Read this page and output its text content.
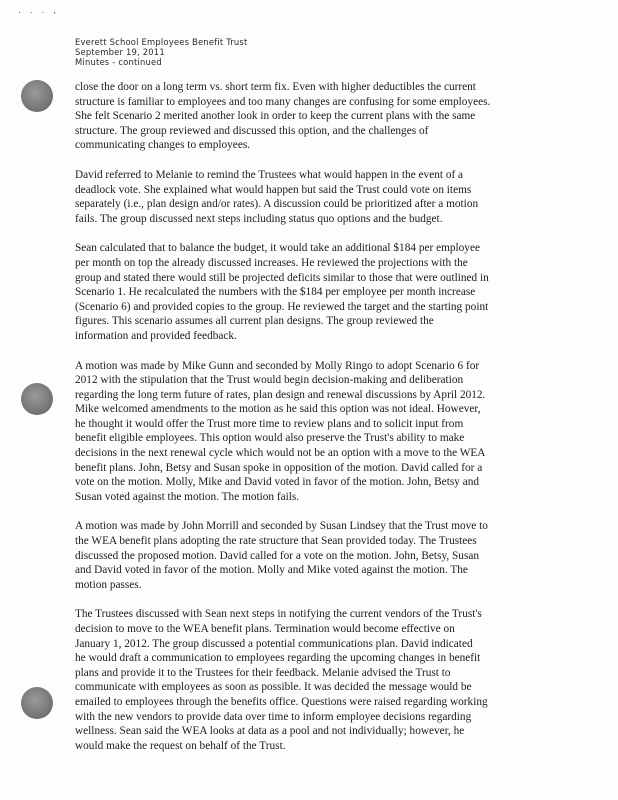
. . . ,
Everett School Employees Benefit Trust
September 19, 2011
Minutes - continued
close the door on a long term vs. short term fix. Even with higher deductibles the current
structure is familiar to employees and too many changes are confusing for some employees.
She felt Scenario 2 merited another look in order to keep the current plans with the same
structure. The group reviewed and discussed this option, and the challenges of
communicating changes to employees.
David referred to Melanie to remind the Trustees what would happen in the event of a
deadlock vote. She explained what would happen but said the Trust could vote on items
separately (i.e., plan design and/or rates). A discussion could be prioritized after a motion
fails. The group discussed next steps including status quo options and the budget.
Sean calculated that to balance the budget, it would take an additional $184 per employee
per month on top the already discussed increases. He reviewed the projections with the
group and stated there would still be projected deficits similar to those that were outlined in
Scenario 1. He recalculated the numbers with the $184 per employee per month increase
(Scenario 6) and provided copies to the group. He reviewed the target and the starting point
figures. This scenario assumes all current plan designs. The group reviewed the
information and provided feedback.
A motion was made by Mike Gunn and seconded by Molly Ringo to adopt Scenario 6 for
2012 with the stipulation that the Trust would begin decision-making and deliberation
regarding the long term future of rates, plan design and renewal discussions by April 2012.
Mike welcomed amendments to the motion as he said this option was not ideal. However,
he thought it would offer the Trust more time to review plans and to solicit input from
benefit eligible employees. This option would also preserve the Trust's ability to make
decisions in the next renewal cycle which would not be an option with a move to the WEA
benefit plans. John, Betsy and Susan spoke in opposition of the motion. David called for a
vote on the motion. Molly, Mike and David voted in favor of the motion. John, Betsy and
Susan voted against the motion. The motion fails.
A motion was made by John Morrill and seconded by Susan Lindsey that the Trust move to
the WEA benefit plans adopting the rate structure that Sean provided today. The Trustees
discussed the proposed motion. David called for a vote on the motion. John, Betsy, Susan
and David voted in favor of the motion. Molly and Mike voted against the motion. The
motion passes.
The Trustees discussed with Sean next steps in notifying the current vendors of the Trust's
decision to move to the WEA benefit plans. Termination would become effective on
January 1, 2012. The group discussed a potential communications plan. David indicated
he would draft a communication to employees regarding the upcoming changes in benefit
plans and provide it to the Trustees for their feedback. Melanie advised the Trust to
communicate with employees as soon as possible. It was decided the message would be
emailed to employees through the benefits office. Questions were raised regarding working
with the new vendors to provide data over time to inform employee decisions regarding
wellness. Sean said the WEA looks at data as a pool and not individually; however, he
would make the request on behalf of the Trust.
